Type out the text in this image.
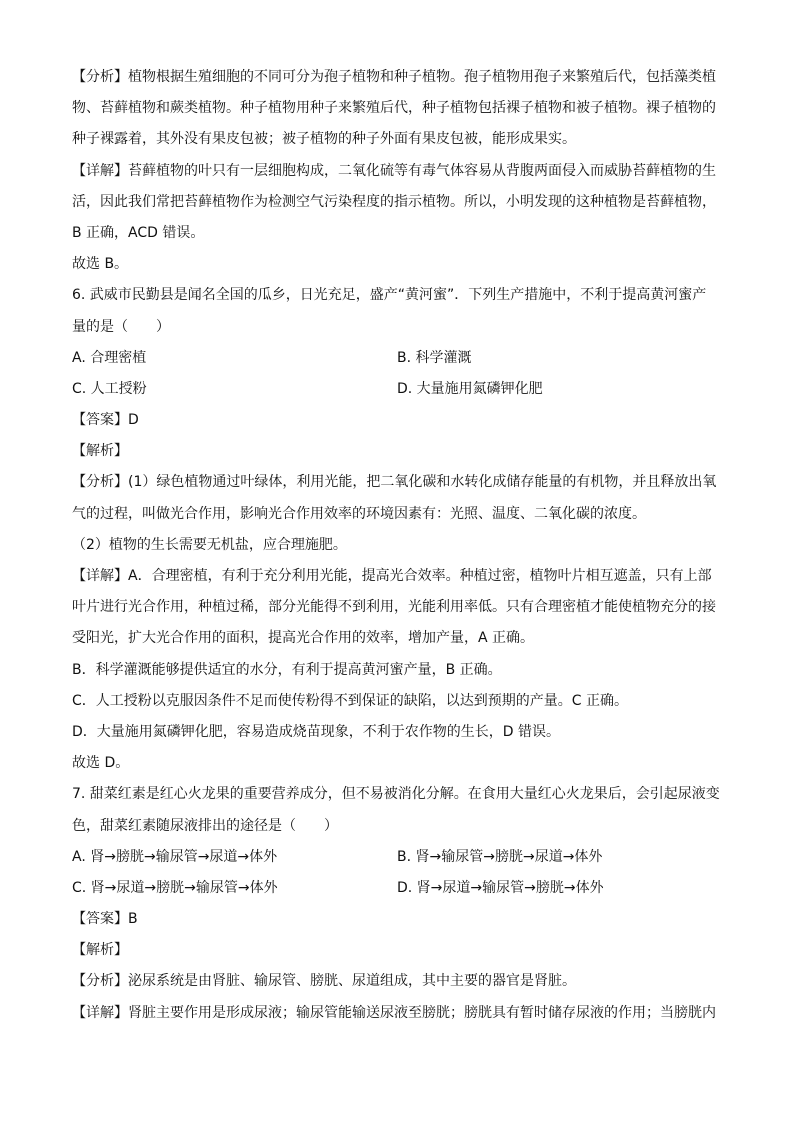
【分析】植物根据生殖细胞的不同可分为孢子植物和种子植物。孢子植物用孢子来繁殖后代，包括藻类植
物、苔藓植物和蕨类植物。种子植物用种子来繁殖后代，种子植物包括裸子植物和被子植物。裸子植物的
种子裸露着，其外没有果皮包被；被子植物的种子外面有果皮包被，能形成果实。
【详解】苔藓植物的叶只有一层细胞构成，二氧化硫等有毒气体容易从背腹两面侵入而威胁苔藓植物的生
活，因此我们常把苔藓植物作为检测空气污染程度的指示植物。所以，小明发现的这种植物是苔藓植物，
B 正确，ACD 错误。
故选 B。
6. 武威市民勤县是闻名全国的瓜乡，日光充足，盛产“黄河蜜”．下列生产措施中，不利于提高黄河蜜产
量的是（　　）
A. 合理密植	B. 科学灌溉
C. 人工授粉	D. 大量施用氮磷钾化肥
【答案】D
【解析】
【分析】(1）绿色植物通过叶绿体，利用光能，把二氧化碳和水转化成储存能量的有机物，并且释放出氧
气的过程，叫做光合作用，影响光合作用效率的环境因素有：光照、温度、二氧化碳的浓度。
（2）植物的生长需要无机盐，应合理施肥。
【详解】A．合理密植，有利于充分利用光能，提高光合效率。种植过密，植物叶片相互遮盖，只有上部
叶片进行光合作用，种植过稀，部分光能得不到利用，光能利用率低。只有合理密植才能使植物充分的接
受阳光，扩大光合作用的面积，提高光合作用的效率，增加产量，A 正确。
B．科学灌溉能够提供适宜的水分，有利于提高黄河蜜产量，B 正确。
C．人工授粉以克服因条件不足而使传粉得不到保证的缺陷，以达到预期的产量。C 正确。
D．大量施用氮磷钾化肥，容易造成烧苗现象，不利于农作物的生长，D 错误。
故选 D。
7. 甜菜红素是红心火龙果的重要营养成分，但不易被消化分解。在食用大量红心火龙果后，会引起尿液变
色，甜菜红素随尿液排出的途径是（　　）
A. 肾→膀胱→输尿管→尿道→体外	B. 肾→输尿管→膀胱→尿道→体外
C. 肾→尿道→膀胱→输尿管→体外	D. 肾→尿道→输尿管→膀胱→体外
【答案】B
【解析】
【分析】泌尿系统是由肾脏、输尿管、膀胱、尿道组成，其中主要的器官是肾脏。
【详解】肾脏主要作用是形成尿液；输尿管能输送尿液至膀胱；膀胱具有暂时储存尿液的作用；当膀胱内
